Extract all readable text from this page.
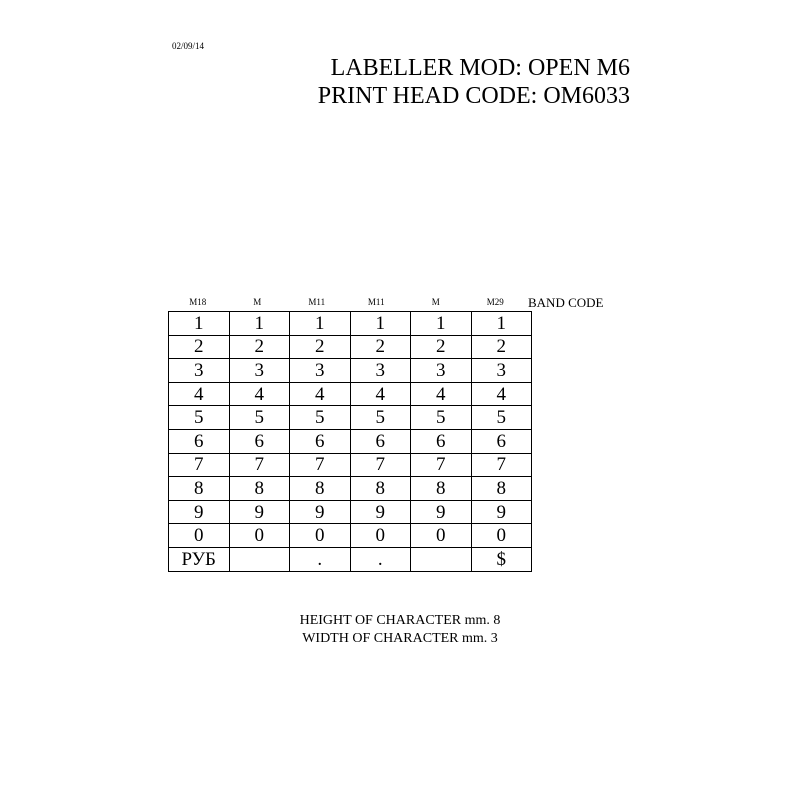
02/09/14
LABELLER MOD: OPEN M6
PRINT HEAD CODE: OM6033
M18	M	M11	M11	M	M29	BAND CODE
1	1	1	1	1	1
2	2	2	2	2	2
3	3	3	3	3	3
4	4	4	4	4	4
5	5	5	5	5	5
6	6	6	6	6	6
7	7	7	7	7	7
8	8	8	8	8	8
9	9	9	9	9	9
0	0	0	0	0	0
РУБ		.	.		$
HEIGHT OF CHARACTER mm. 8
WIDTH OF CHARACTER mm. 3
